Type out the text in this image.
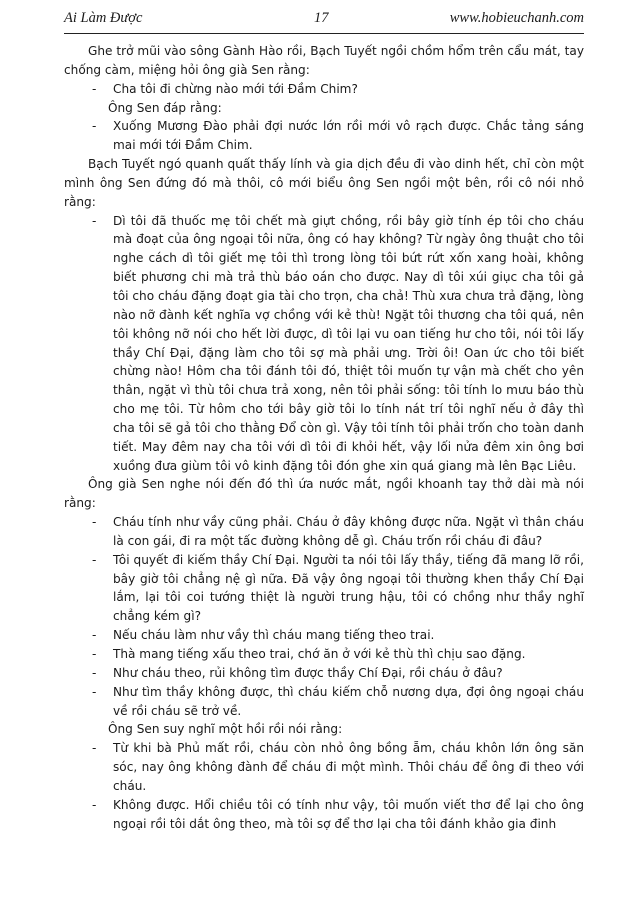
Ai Làm Được	17	www.hobieuchanh.com

Ghe trở mũi vào sông Gành Hào rồi, Bạch Tuyết ngồi chồm hổm trên cẩu mát, tay chống càm, miệng hỏi ông già Sen rằng:

- Cha tôi đi chừng nào mới tới Đầm Chim?

Ông Sen đáp rằng:

- Xuống Mương Đào phải đợi nước lớn rồi mới vô rạch được. Chắc tảng sáng mai mới tới Đầm Chim.

Bạch Tuyết ngó quanh quất thấy lính và gia dịch đều đi vào dinh hết, chỉ còn một mình ông Sen đứng đó mà thôi, cô mới biểu ông Sen ngồi một bên, rồi cô nói nhỏ rằng:

- Dì tôi đã thuốc mẹ tôi chết mà giựt chồng, rồi bây giờ tính ép tôi cho cháu mà đoạt của ông ngoại tôi nữa, ông có hay không? Từ ngày ông thuật cho tôi nghe cách dì tôi giết mẹ tôi thì trong lòng tôi bứt rứt xốn xang hoài, không biết phương chi mà trả thù báo oán cho được. Nay dì tôi xúi giục cha tôi gả tôi cho cháu đặng đoạt gia tài cho trọn, cha chả! Thù xưa chưa trả đặng, lòng nào nỡ đành kết nghĩa vợ chồng với kẻ thù! Ngặt tôi thương cha tôi quá, nên tôi không nỡ nói cho hết lời được, dì tôi lại vu oan tiếng hư cho tôi, nói tôi lấy thầy Chí Đại, đặng làm cho tôi sợ mà phải ưng. Trời ôi! Oan ức cho tôi biết chừng nào! Hôm cha tôi đánh tôi đó, thiệt tôi muốn tự vận mà chết cho yên thân, ngặt vì thù tôi chưa trả xong, nên tôi phải sống: tôi tính lo mưu báo thù cho mẹ tôi. Từ hôm cho tới bây giờ tôi lo tính nát trí tôi nghĩ nếu ở đây thì cha tôi sẽ gả tôi cho thằng Đổ còn gì. Vậy tôi tính tôi phải trốn cho toàn danh tiết. May đêm nay cha tôi với dì tôi đi khỏi hết, vậy lối nửa đêm xin ông bơi xuồng đưa giùm tôi vô kinh đặng tôi đón ghe xin quá giang mà lên Bạc Liêu.

Ông già Sen nghe nói đến đó thì ứa nước mắt, ngồi khoanh tay thở dài mà nói rằng:

- Cháu tính như vầy cũng phải. Cháu ở đây không được nữa. Ngặt vì thân cháu là con gái, đi ra một tấc đường không dễ gì. Cháu trốn rồi cháu đi đâu?

- Tôi quyết đi kiếm thầy Chí Đại. Người ta nói tôi lấy thầy, tiếng đã mang lỡ rồi, bây giờ tôi chẳng nệ gì nữa. Đã vậy ông ngoại tôi thường khen thầy Chí Đại lắm, lại tôi coi tướng thiệt là người trung hậu, tôi có chồng như thầy nghĩ chẳng kém gì?

- Nếu cháu làm như vầy thì cháu mang tiếng theo trai.

- Thà mang tiếng xấu theo trai, chớ ăn ở với kẻ thù thì chịu sao đặng.

- Như cháu theo, rủi không tìm được thầy Chí Đại, rồi cháu ở đâu?

- Như tìm thầy không được, thì cháu kiếm chỗ nương dựa, đợi ông ngoại cháu về rồi cháu sẽ trở về.

Ông Sen suy nghĩ một hồi rồi nói rằng:

- Từ khi bà Phủ mất rồi, cháu còn nhỏ ông bồng ẵm, cháu khôn lớn ông săn sóc, nay ông không đành để cháu đi một mình. Thôi cháu để ông đi theo với cháu.

- Không được. Hổi chiều tôi có tính như vậy, tôi muốn viết thơ để lại cho ông ngoại rồi tôi dắt ông theo, mà tôi sợ để thơ lại cha tôi đánh khảo gia đinh
